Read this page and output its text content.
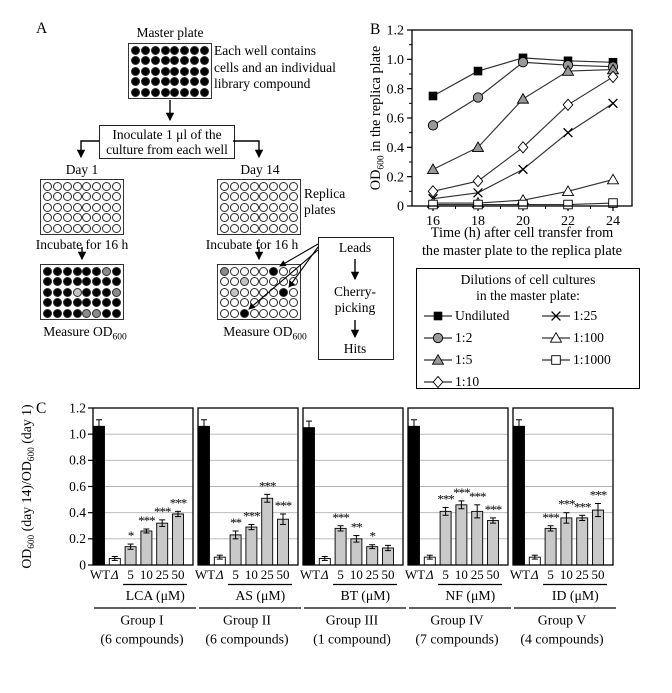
A	Master plate
Each well contains
cells and an individual
library compound
Inoculate 1 μl of the
culture from each well
Day 1	Day 14
Replica
plates
Incubate for 16 h	Incubate for 16 h
Measure $OD_{600}$	Measure $OD_{600}$
Leads
Cherry-
picking
Hits
B
0
0.2
0.4
0.6
0.8
1.0
1.2
16 18 20 22 24
$OD_{600}$ in the replica plate
Time (h) after cell transfer from
the master plate to the replica plate
Dilutions of cell cultures
in the master plate:
Undiluted
1:2
1:5
1:10
1:25
1:100
1:1000
C
0
0.2
0.4
0.6
0.8
1.0
1.2
$OD_{600}$ (day $14)/OD_{600}$ (day 1)
*
***
***
***
WT Δ 5 10 25 50
LCA (μM)
Group I
(6 compounds)
** ***
***
***
WT Δ 5 10 25 50
AS (μM)
Group II
(6 compounds)
***
**
*
WT Δ 5 10 25 50
BT (μM)
Group III
(1 compound)
*** *** ***
***
WT Δ 5 10 25 50
NF (μM)
Group IV
(7 compounds)
***
*** ***
***
WT Δ 5 10 25 50
ID (μM)
Group V
(4 compounds)
